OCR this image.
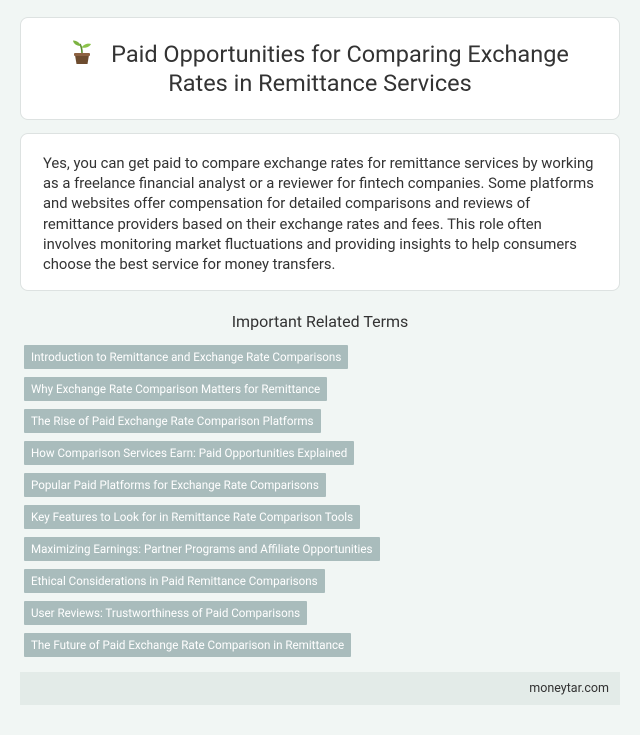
Paid Opportunities for Comparing Exchange Rates in Remittance Services

Yes, you can get paid to compare exchange rates for remittance services by working as a freelance financial analyst or a reviewer for fintech companies. Some platforms and websites offer compensation for detailed comparisons and reviews of remittance providers based on their exchange rates and fees. This role often involves monitoring market fluctuations and providing insights to help consumers choose the best service for money transfers.

Important Related Terms
Introduction to Remittance and Exchange Rate Comparisons
Why Exchange Rate Comparison Matters for Remittance
The Rise of Paid Exchange Rate Comparison Platforms
How Comparison Services Earn: Paid Opportunities Explained
Popular Paid Platforms for Exchange Rate Comparisons
Key Features to Look for in Remittance Rate Comparison Tools
Maximizing Earnings: Partner Programs and Affiliate Opportunities
Ethical Considerations in Paid Remittance Comparisons
User Reviews: Trustworthiness of Paid Comparisons
The Future of Paid Exchange Rate Comparison in Remittance
moneytar.com
